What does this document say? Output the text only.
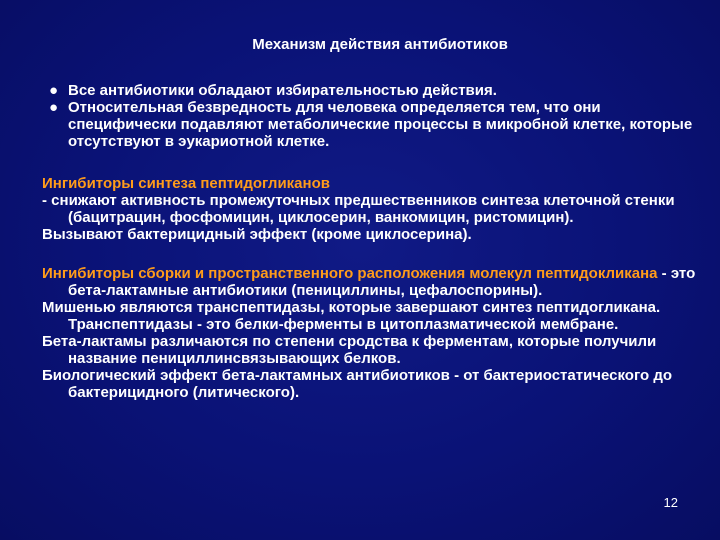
Механизм действия антибиотиков

● Все антибиотики обладают избирательностью действия.

● Относительная безвредность для человека определяется тем, что они специфически подавляют метаболические процессы в микробной клетке, которые отсутствуют в эукариотной клетке.

Ингибиторы синтеза пептидогликанов

- снижают активность промежуточных предшественников синтеза клеточной стенки (бацитрацин, фосфомицин, циклосерин, ванкомицин, ристомицин).

Вызывают бактерицидный эффект (кроме циклосерина).

Ингибиторы сборки и пространственного расположения молекул пептидокликана - это бета-лактамные антибиотики (пенициллины, цефалоспорины).

Мишенью являются транспептидазы, которые завершают синтез пептидогликана. Транспептидазы - это белки-ферменты в цитоплазматической мембране.

Бета-лактамы различаются по степени сродства к ферментам, которые получили название пенициллинсвязывающих белков.

Биологический эффект бета-лактамных антибиотиков - от бактериостатического до бактерицидного (литического).

12
